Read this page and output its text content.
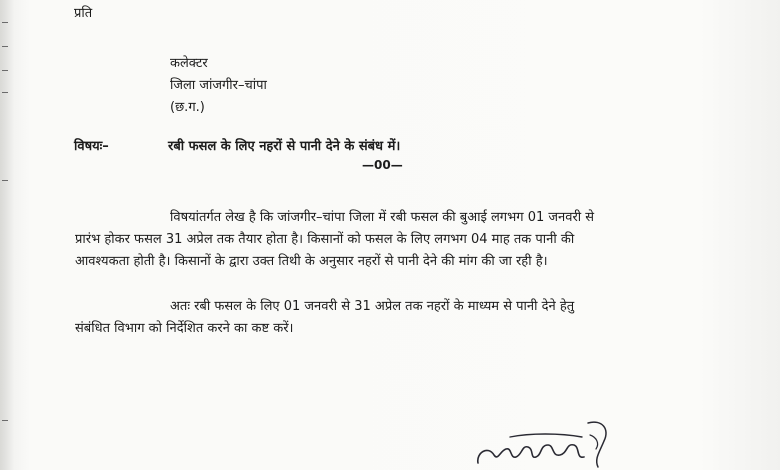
प्रति
कलेक्टर
जिला जांजगीर–चांपा
(छ.ग.)
विषयः–	रबी फसल के लिए नहरों से पानी देने के संबंध में।
—00—
विषयांतर्गत लेख है कि जांजगीर–चांपा जिला में रबी फसल की बुआई लगभग 01 जनवरी से
प्रारंभ होकर फसल 31 अप्रेल तक तैयार होता है। किसानों को फसल के लिए लगभग 04 माह तक पानी की
आवश्यकता होती है। किसानों के द्वारा उक्त तिथी के अनुसार नहरों से पानी देने की मांग की जा रही है।
अतः रबी फसल के लिए 01 जनवरी से 31 अप्रेल तक नहरों के माध्यम से पानी देने हेतु
संबंधित विभाग को निर्देशित करने का कष्ट करें।
